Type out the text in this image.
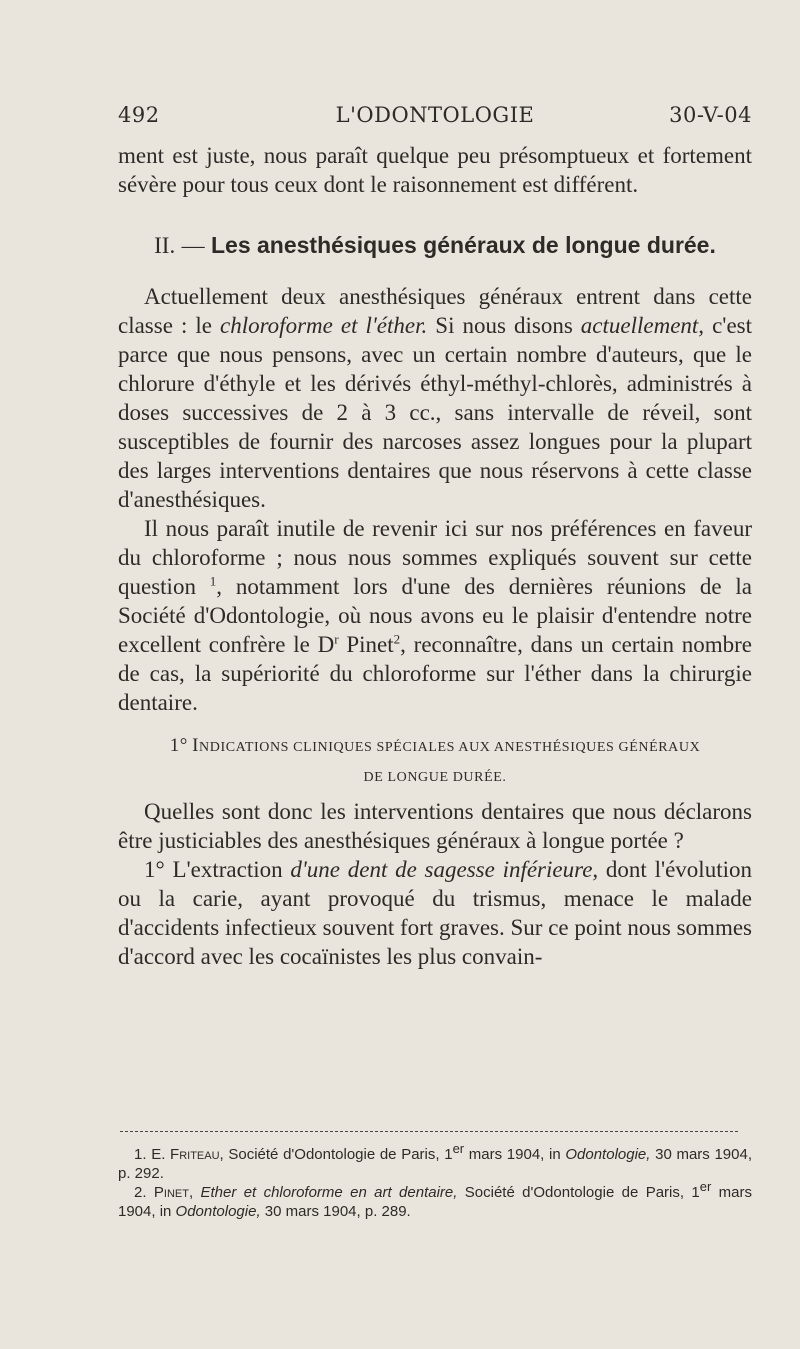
492	L'ODONTOLOGIE	30-V-04

ment est juste, nous paraît quelque peu présomptueux et fortement sévère pour tous ceux dont le raisonnement est différent.

II. — Les anesthésiques généraux de longue durée.

Actuellement deux anesthésiques généraux entrent dans cette classe : le chloroforme et l'éther. Si nous disons actuellement, c'est parce que nous pensons, avec un certain nombre d'auteurs, que le chlorure d'éthyle et les dérivés éthyl-méthyl-chlorès, administrés à doses successives de 2 à 3 cc., sans intervalle de réveil, sont susceptibles de fournir des narcoses assez longues pour la plupart des larges interventions dentaires que nous réservons à cette classe d'anesthésiques.

Il nous paraît inutile de revenir ici sur nos préférences en faveur du chloroforme ; nous nous sommes expliqués souvent sur cette question $^1$, notamment lors d'une des dernières réunions de la Société d'Odontologie, où nous avons eu le plaisir d'entendre notre excellent confrère le $D^r$ Pinet$^2$, reconnaître, dans un certain nombre de cas, la supériorité du chloroforme sur l'éther dans la chirurgie dentaire.

1° INDICATIONS CLINIQUES SPÉCIALES AUX ANESTHÉSIQUES GÉNÉRAUX
DE LONGUE DURÉE.

Quelles sont donc les interventions dentaires que nous déclarons être justiciables des anesthésiques généraux à longue portée ?

1° L'extraction d'une dent de sagesse inférieure, dont l'évolution ou la carie, ayant provoqué du trismus, menace le malade d'accidents infectieux souvent fort graves. Sur ce point nous sommes d'accord avec les cocaïnistes les plus convain-

1. E. Friteau, Société d'Odontologie de Paris, 1er mars 1904, in Odontologie, 30 mars 1904, p. 292.

2. Pinet, Ether et chloroforme en art dentaire, Société d'Odontologie de Paris, 1er mars 1904, in Odontologie, 30 mars 1904, p. 289.
